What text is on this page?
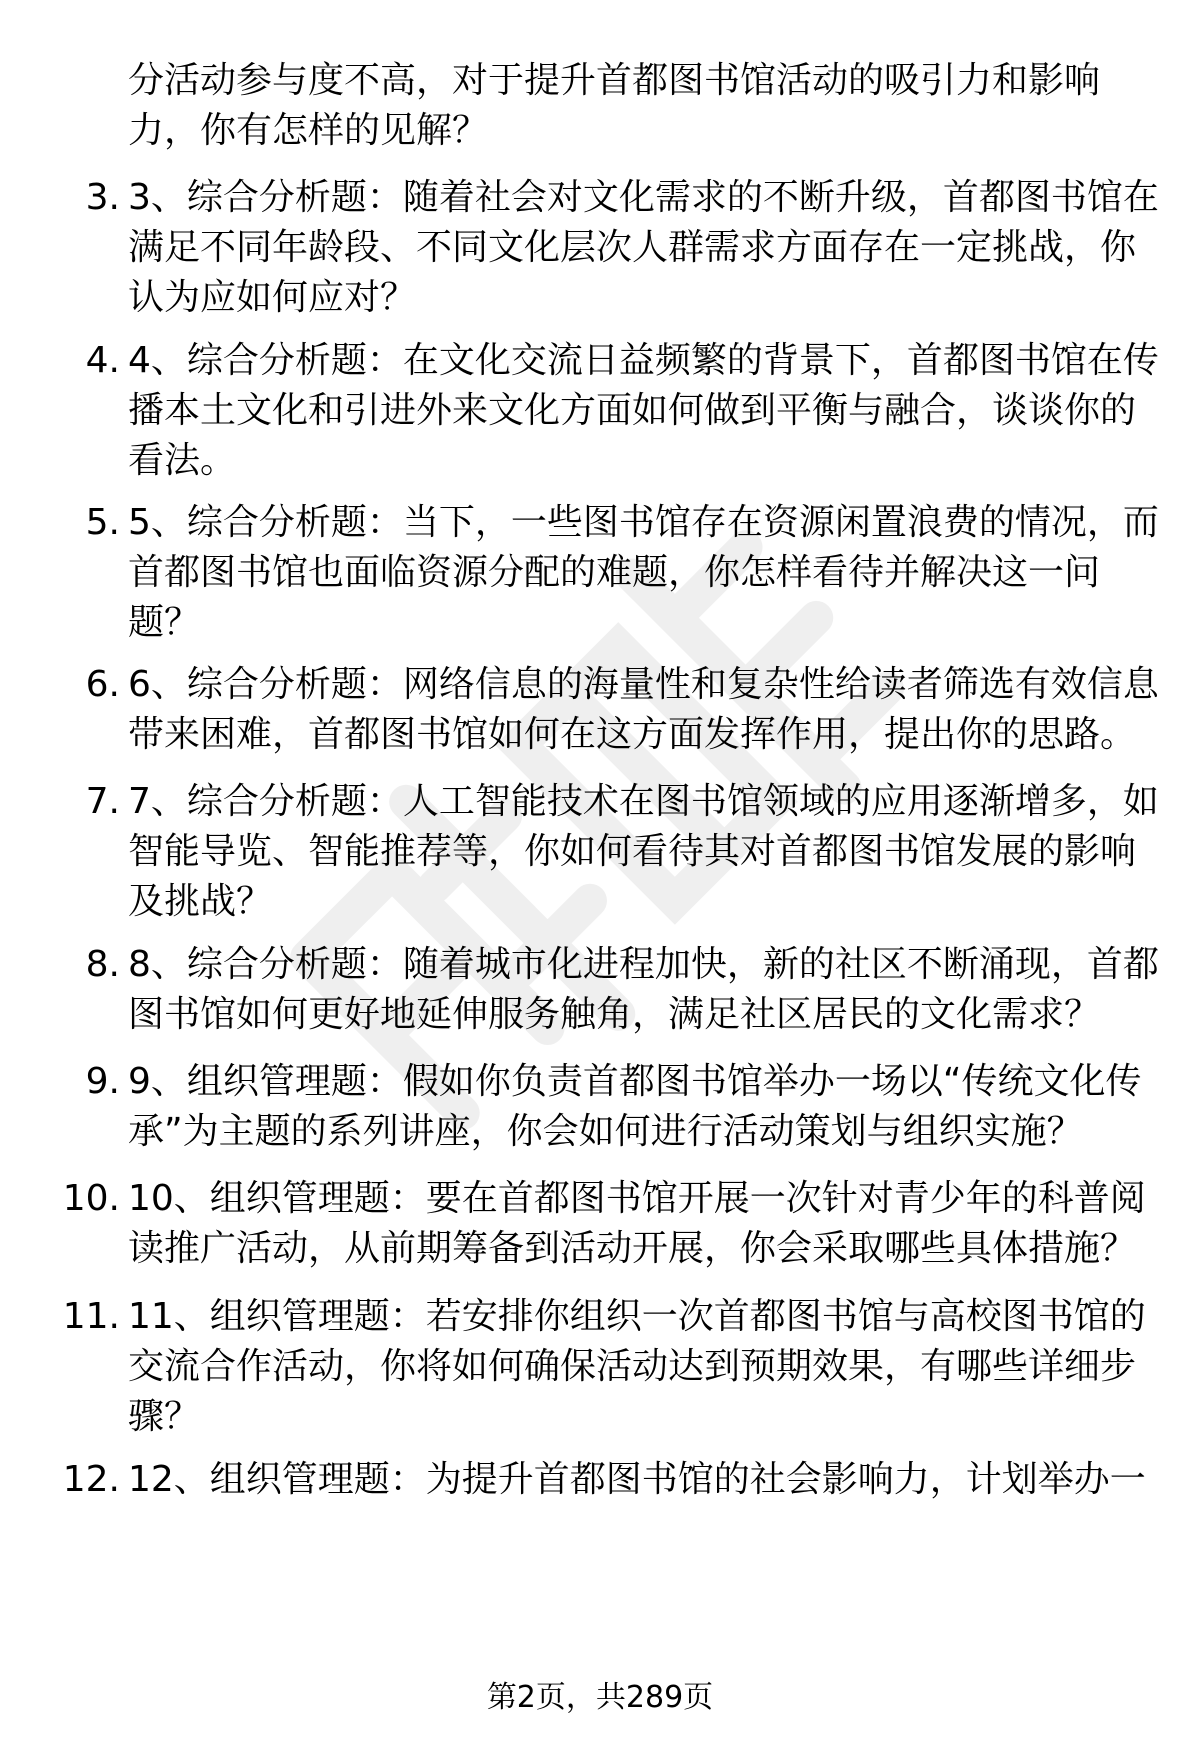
分活动参与度不高，对于提升首都图书馆活动的吸引力和影响力，你有怎样的见解？

3. 3、综合分析题：随着社会对文化需求的不断升级，首都图书馆在满足不同年龄段、不同文化层次人群需求方面存在一定挑战，你认为应如何应对？

4. 4、综合分析题：在文化交流日益频繁的背景下，首都图书馆在传播本土文化和引进外来文化方面如何做到平衡与融合，谈谈你的看法。

5. 5、综合分析题：当下，一些图书馆存在资源闲置浪费的情况，而首都图书馆也面临资源分配的难题，你怎样看待并解决这一问题？

6. 6、综合分析题：网络信息的海量性和复杂性给读者筛选有效信息带来困难，首都图书馆如何在这方面发挥作用，提出你的思路。

7. 7、综合分析题：人工智能技术在图书馆领域的应用逐渐增多，如智能导览、智能推荐等，你如何看待其对首都图书馆发展的影响及挑战？

8. 8、综合分析题：随着城市化进程加快，新的社区不断涌现，首都图书馆如何更好地延伸服务触角，满足社区居民的文化需求？

9. 9、组织管理题：假如你负责首都图书馆举办一场以“传统文化传承”为主题的系列讲座，你会如何进行活动策划与组织实施？

10. 10、组织管理题：要在首都图书馆开展一次针对青少年的科普阅读推广活动，从前期筹备到活动开展，你会采取哪些具体措施？

11. 11、组织管理题：若安排你组织一次首都图书馆与高校图书馆的交流合作活动，你将如何确保活动达到预期效果，有哪些详细步骤？

12. 12、组织管理题：为提升首都图书馆的社会影响力，计划举办一

第2页，共289页
